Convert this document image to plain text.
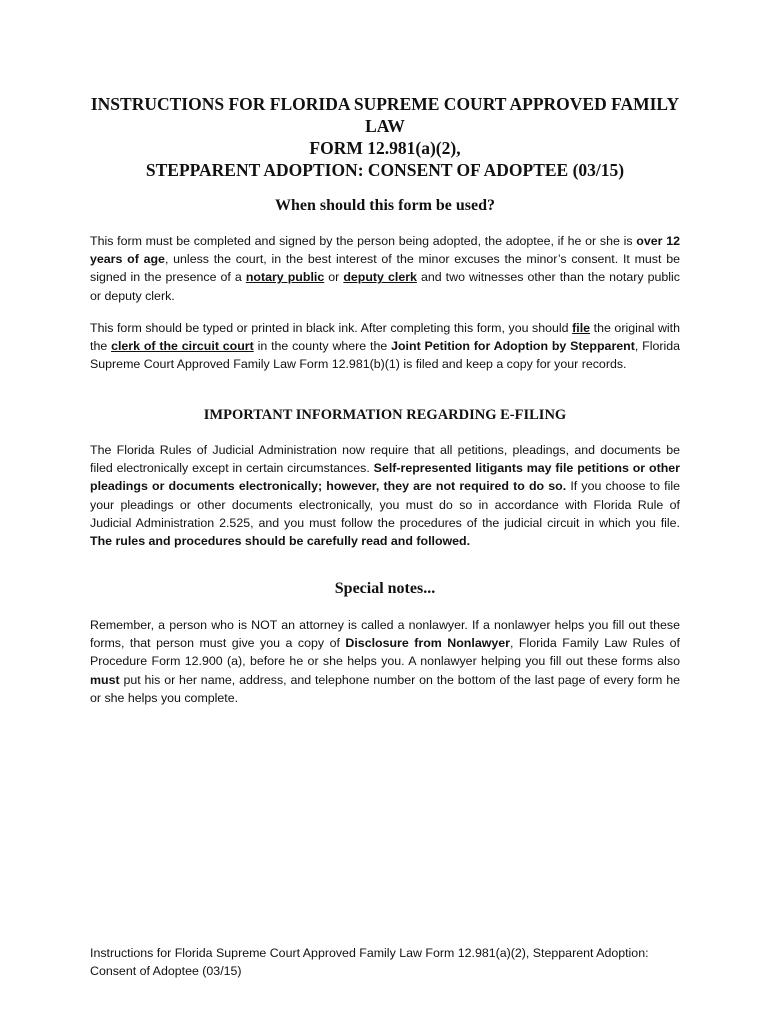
INSTRUCTIONS FOR FLORIDA SUPREME COURT APPROVED FAMILY LAW
FORM 12.981(a)(2),
STEPPARENT ADOPTION: CONSENT OF ADOPTEE (03/15)
When should this form be used?

This form must be completed and signed by the person being adopted, the adoptee, if he or she is over 12 years of age, unless the court, in the best interest of the minor excuses the minor’s consent. It must be signed in the presence of a notary public or deputy clerk and two witnesses other than the notary public or deputy clerk.

This form should be typed or printed in black ink. After completing this form, you should file the original with the clerk of the circuit court in the county where the Joint Petition for Adoption by Stepparent, Florida Supreme Court Approved Family Law Form 12.981(b)(1) is filed and keep a copy for your records.

IMPORTANT INFORMATION REGARDING E-FILING

The Florida Rules of Judicial Administration now require that all petitions, pleadings, and documents be filed electronically except in certain circumstances. Self-represented litigants may file petitions or other pleadings or documents electronically; however, they are not required to do so. If you choose to file your pleadings or other documents electronically, you must do so in accordance with Florida Rule of Judicial Administration 2.525, and you must follow the procedures of the judicial circuit in which you file. The rules and procedures should be carefully read and followed.

Special notes...

Remember, a person who is NOT an attorney is called a nonlawyer. If a nonlawyer helps you fill out these forms, that person must give you a copy of Disclosure from Nonlawyer, Florida Family Law Rules of Procedure Form 12.900 (a), before he or she helps you. A nonlawyer helping you fill out these forms also must put his or her name, address, and telephone number on the bottom of the last page of every form he or she helps you complete.

Instructions for Florida Supreme Court Approved Family Law Form 12.981(a)(2), Stepparent Adoption:
Consent of Adoptee (03/15)
